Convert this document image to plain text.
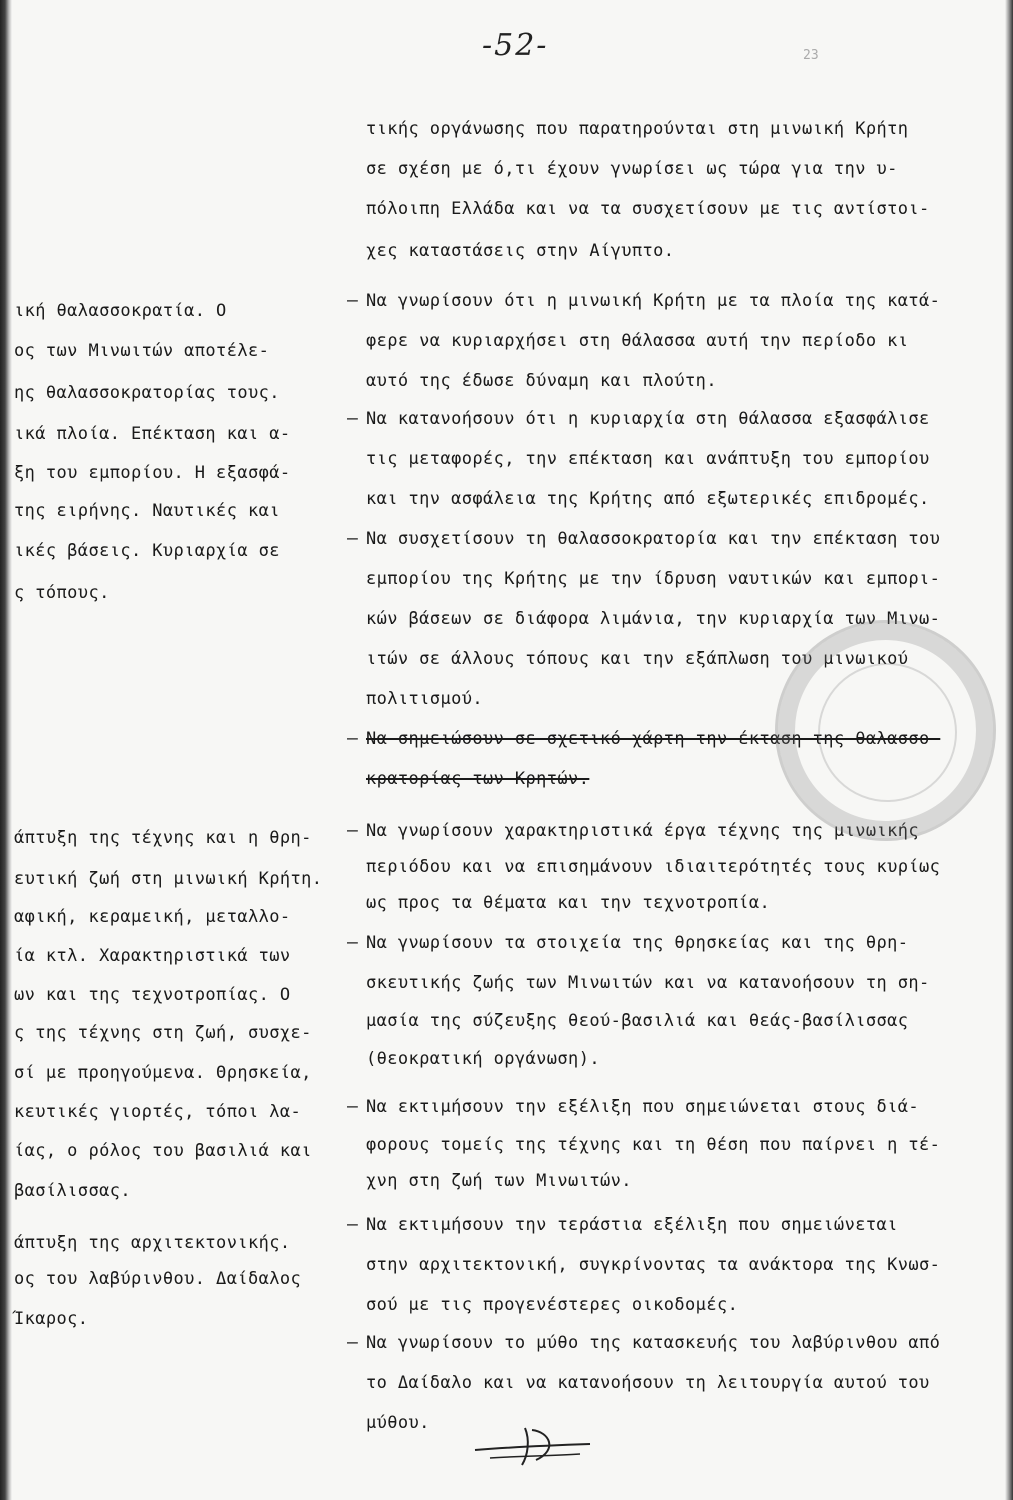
-52-	23
ική θαλασσοκρατία. Ο
ος των Μινωιτών αποτέλε-
ης θαλασσοκρατορίας τους.
ικά πλοία. Επέκταση και α-
ξη του εμπορίου. Η εξασφά-
της ειρήνης. Ναυτικές και
ικές βάσεις. Κυριαρχία σε
ς τόπους.
άπτυξη της τέχνης και η θρη-
ευτική ζωή στη μινωική Κρήτη.
αφική, κεραμεική, μεταλλο-
ία κτλ. Χαρακτηριστικά των
ων και της τεχνοτροπίας. Ο
ς της τέχνης στη ζωή, συσχε-
σί με προηγούμενα. Θρησκεία,
κευτικές γιορτές, τόποι λα-
ίας, ο ρόλος του βασιλιά και
βασίλισσας.
άπτυξη της αρχιτεκτονικής.
ος του λαβύρινθου. Δαίδαλος
Ίκαρος.
τικής οργάνωσης που παρατηρούνται στη μινωική Κρήτη
σε σχέση με ό,τι έχουν γνωρίσει ως τώρα για την υ-
πόλοιπη Ελλάδα και να τα συσχετίσουν με τις αντίστοι-
χες καταστάσεις στην Αίγυπτο.
– Να γνωρίσουν ότι η μινωική Κρήτη με τα πλοία της κατά-
φερε να κυριαρχήσει στη θάλασσα αυτή την περίοδο κι
αυτό της έδωσε δύναμη και πλούτη.
– Να κατανοήσουν ότι η κυριαρχία στη θάλασσα εξασφάλισε
τις μεταφορές, την επέκταση και ανάπτυξη του εμπορίου
και την ασφάλεια της Κρήτης από εξωτερικές επιδρομές.
– Να συσχετίσουν τη θαλασσοκρατορία και την επέκταση του
εμπορίου της Κρήτης με την ίδρυση ναυτικών και εμπορι-
κών βάσεων σε διάφορα λιμάνια, την κυριαρχία των Μινω-
ιτών σε άλλους τόπους και την εξάπλωση του μινωικού
πολιτισμού.
– Να σημειώσουν σε σχετικό χάρτη την έκταση της θαλασσο-
κρατορίας των Κρητών.
– Να γνωρίσουν χαρακτηριστικά έργα τέχνης της μινωικής
περιόδου και να επισημάνουν ιδιαιτερότητές τους κυρίως
ως προς τα θέματα και την τεχνοτροπία.
– Να γνωρίσουν τα στοιχεία της θρησκείας και της θρη-
σκευτικής ζωής των Μινωιτών και να κατανοήσουν τη ση-
μασία της σύζευξης θεού-βασιλιά και θεάς-βασίλισσας
(θεοκρατική οργάνωση).
– Να εκτιμήσουν την εξέλιξη που σημειώνεται στους διά-
φορους τομείς της τέχνης και τη θέση που παίρνει η τέ-
χνη στη ζωή των Μινωιτών.
– Να εκτιμήσουν την τεράστια εξέλιξη που σημειώνεται
στην αρχιτεκτονική, συγκρίνοντας τα ανάκτορα της Κνωσ-
σού με τις προγενέστερες οικοδομές.
– Να γνωρίσουν το μύθο της κατασκευής του λαβύρινθου από
το Δαίδαλο και να κατανοήσουν τη λειτουργία αυτού του
μύθου.
